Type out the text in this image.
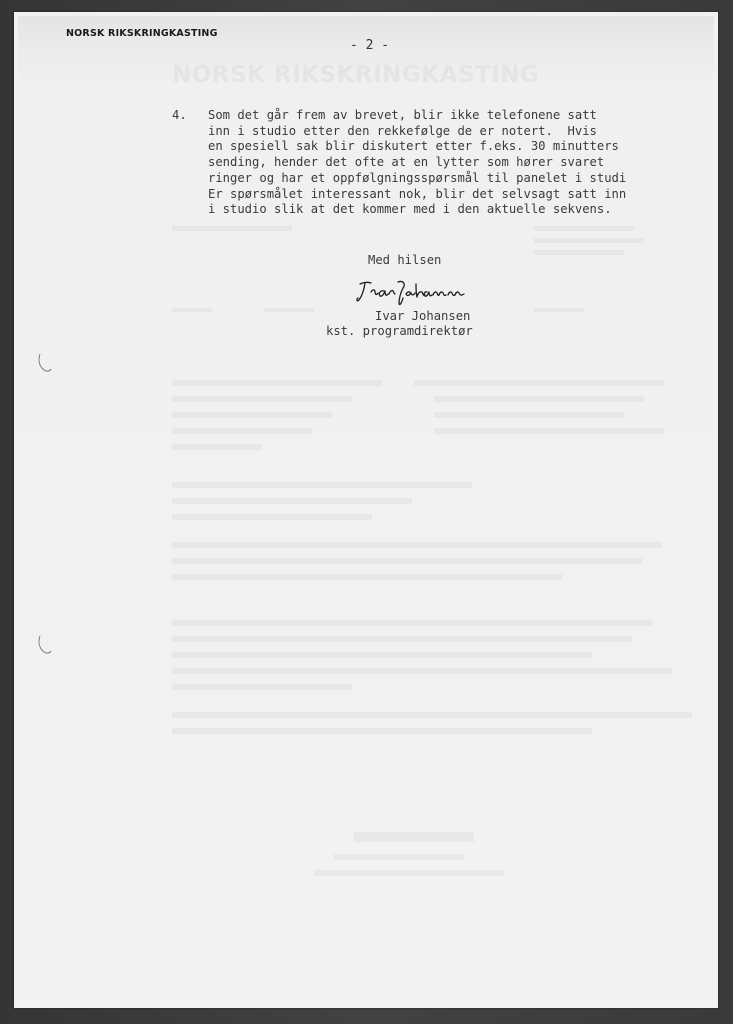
NORSK RIKSKRINGKASTING
NORSK RIKSKRINGKASTING
- 2 -
4. Som det går frem av brevet, blir ikke telefonene satt
inn i studio etter den rekkefølge de er notert.  Hvis
en spesiell sak blir diskutert etter f.eks. 30 minutters
sending, hender det ofte at en lytter som hører svaret
ringer og har et oppfølgningsspørsmål til panelet i studi
Er spørsmålet interessant nok, blir det selvsagt satt inn
i studio slik at det kommer med i den aktuelle sekvens.
Med hilsen
Ivar Johansen
kst. programdirektør
